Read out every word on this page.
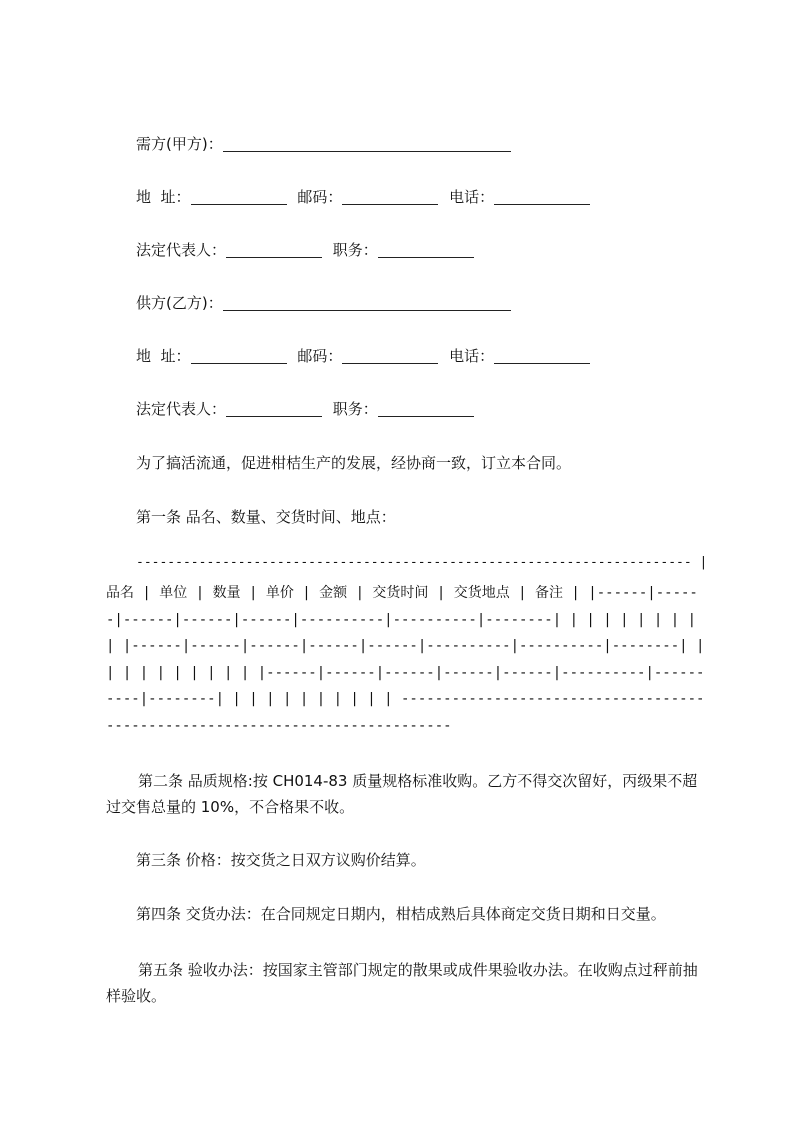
需方(甲方)：
地  址：	邮码：	电话：
法定代表人：	职务：
供方(乙方)：
地  址：	邮码：	电话：
法定代表人：	职务：
为了搞活流通，促进柑桔生产的发展，经协商一致，订立本合同。
第一条 品名、数量、交货时间、地点：
----------------------------------------------------------------------- |
品名 | 单位 | 数量 | 单价 | 金额 | 交货时间 | 交货地点 | 备注 | |------|------|------|------|------|----------|----------|--------| | | | | | | | | | |------|------|------|------|------|----------|----------|--------| | | | | | | | | | | |------|------|------|------|------|----------|----------|--------| | | | | | | | | | | -----------------------------------------------------------------------------
第二条 品质规格:按 CH014-83 质量规格标准收购。乙方不得交次留好，丙级果不超过交售总量的 10%，不合格果不收。
第三条 价格：按交货之日双方议购价结算。
第四条 交货办法：在合同规定日期内，柑桔成熟后具体商定交货日期和日交量。
第五条 验收办法：按国家主管部门规定的散果或成件果验收办法。在收购点过秤前抽样验收。
